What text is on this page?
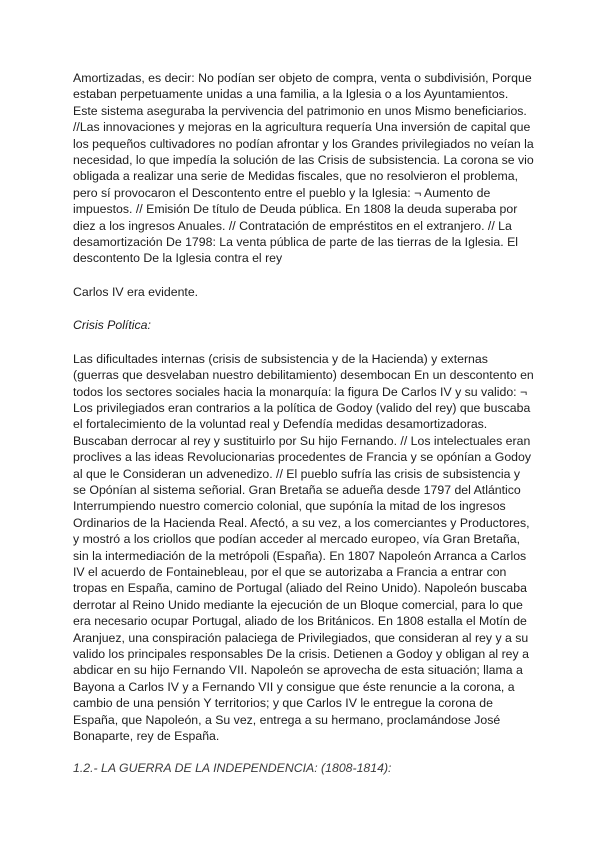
Amortizadas, es decir: No podían ser objeto de compra, venta o subdivisión, Porque estaban perpetuamente unidas a una familia, a la Iglesia o a los Ayuntamientos. Este sistema aseguraba la pervivencia del patrimonio en unos Mismo beneficiarios. //Las innovaciones y mejoras en la agricultura requería Una inversión de capital que los pequeños cultivadores no podían afrontar y los Grandes privilegiados no veían la necesidad, lo que impedía la solución de las Crisis de subsistencia. La corona se vio obligada a realizar una serie de Medidas fiscales, que no resolvieron el problema, pero sí provocaron el Descontento entre el pueblo y la Iglesia: ¬ Aumento de impuestos. // Emisión De título de Deuda pública. En 1808 la deuda superaba por diez a los ingresos Anuales. // Contratación de empréstitos en el extranjero. // La desamortización De 1798: La venta pública de parte de las tierras de la Iglesia. El descontento De la Iglesia contra el rey

Carlos IV era evidente.

Crisis Política:

Las dificultades internas (crisis de subsistencia y de la Hacienda) y externas (guerras que desvelaban nuestro debilitamiento) desembocan En un descontento en todos los sectores sociales hacia la monarquía: la figura De Carlos IV y su valido: ¬ Los privilegiados eran contrarios a la política de Godoy (valido del rey) que buscaba el fortalecimiento de la voluntad real y Defendía medidas desamortizadoras. Buscaban derrocar al rey y sustituirlo por Su hijo Fernando. // Los intelectuales eran proclives a las ideas Revolucionarias procedentes de Francia y se opónían a Godoy al que le Consideran un advenedizo. // El pueblo sufría las crisis de subsistencia y se Opónían al sistema señorial. Gran Bretaña se adueña desde 1797 del Atlántico Interrumpiendo nuestro comercio colonial, que supónía la mitad de los ingresos Ordinarios de la Hacienda Real. Afectó, a su vez, a los comerciantes y Productores, y mostró a los criollos que podían acceder al mercado europeo, vía Gran Bretaña, sin la intermediación de la metrópoli (España). En 1807 Napoleón Arranca a Carlos IV el acuerdo de Fontainebleau, por el que se autorizaba a Francia a entrar con tropas en España, camino de Portugal (aliado del Reino Unido). Napoleón buscaba derrotar al Reino Unido mediante la ejecución de un Bloque comercial, para lo que era necesario ocupar Portugal, aliado de los Británicos. En 1808 estalla el Motín de Aranjuez, una conspiración palaciega de Privilegiados, que consideran al rey y a su valido los principales responsables De la crisis. Detienen a Godoy y obligan al rey a abdicar en su hijo Fernando VII. Napoleón se aprovecha de esta situación; llama a Bayona a Carlos IV y a Fernando VII y consigue que éste renuncie a la corona, a cambio de una pensión Y territorios; y que Carlos IV le entregue la corona de España, que Napoleón, a Su vez, entrega a su hermano, proclamándose José Bonaparte, rey de España.

1.2.- LA GUERRA DE LA INDEPENDENCIA: (1808-1814):
